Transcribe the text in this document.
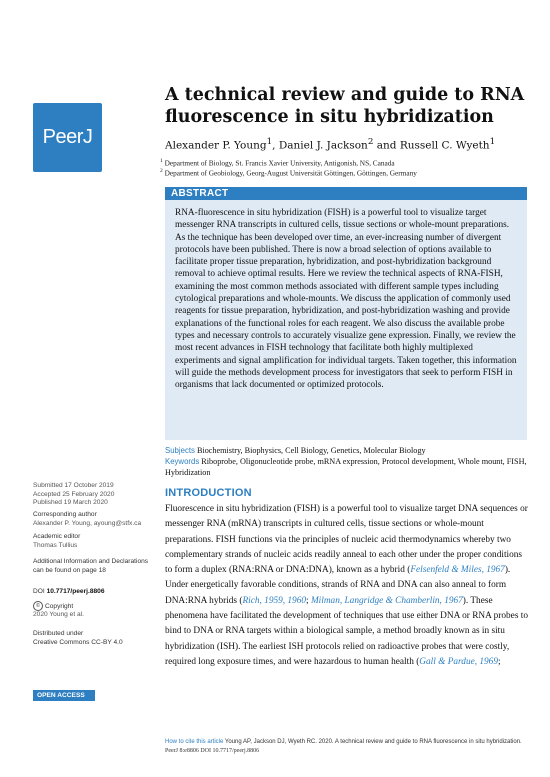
PeerJ
A technical review and guide to RNA fluorescence in situ hybridization
Alexander P. Young$^1$, Daniel J. Jackson$^2$ and Russell C. Wyeth$^1$
$^1$ Department of Biology, St. Francis Xavier University, Antigonish, NS, Canada
$^2$ Department of Geobiology, Georg-August Universität Göttingen, Göttingen, Germany
ABSTRACT

RNA-fluorescence in situ hybridization (FISH) is a powerful tool to visualize target messenger RNA transcripts in cultured cells, tissue sections or whole-mount preparations. As the technique has been developed over time, an ever-increasing number of divergent protocols have been published. There is now a broad selection of options available to facilitate proper tissue preparation, hybridization, and post-hybridization background removal to achieve optimal results. Here we review the technical aspects of RNA-FISH, examining the most common methods associated with different sample types including cytological preparations and whole-mounts. We discuss the application of commonly used reagents for tissue preparation, hybridization, and post-hybridization washing and provide explanations of the functional roles for each reagent. We also discuss the available probe types and necessary controls to accurately visualize gene expression. Finally, we review the most recent advances in FISH technology that facilitate both highly multiplexed experiments and signal amplification for individual targets. Taken together, this information will guide the methods development process for investigators that seek to perform FISH in organisms that lack documented or optimized protocols.

Subjects Biochemistry, Biophysics, Cell Biology, Genetics, Molecular Biology
Keywords Riboprobe, Oligonucleotide probe, mRNA expression, Protocol development, Whole mount, FISH, Hybridization
Submitted 17 October 2019
Accepted 25 February 2020
Published 19 March 2020
Corresponding author
Alexander P. Young, ayoung@stfx.ca
Academic editor
Thomas Tullius
Additional Information and Declarations can be found on page 18
DOI 10.7717/peerj.8806
© Copyright
2020 Young et al.
Distributed under
Creative Commons CC-BY 4.0
OPEN ACCESS
INTRODUCTION

Fluorescence in situ hybridization (FISH) is a powerful tool to visualize target DNA sequences or messenger RNA (mRNA) transcripts in cultured cells, tissue sections or whole-mount preparations. FISH functions via the principles of nucleic acid thermodynamics whereby two complementary strands of nucleic acids readily anneal to each other under the proper conditions to form a duplex (RNA:RNA or DNA:DNA), known as a hybrid (Felsenfeld & Miles, 1967). Under energetically favorable conditions, strands of RNA and DNA can also anneal to form DNA:RNA hybrids (Rich, 1959, 1960; Milman, Langridge & Chamberlin, 1967). These phenomena have facilitated the development of techniques that use either DNA or RNA probes to bind to DNA or RNA targets within a biological sample, a method broadly known as in situ hybridization (ISH). The earliest ISH protocols relied on radioactive probes that were costly, required long exposure times, and were hazardous to human health (Gall & Pardue, 1969;

How to cite this article Young AP, Jackson DJ, Wyeth RC. 2020. A technical review and guide to RNA fluorescence in situ hybridization.
PeerJ 8:e8806 DOI 10.7717/peerj.8806
